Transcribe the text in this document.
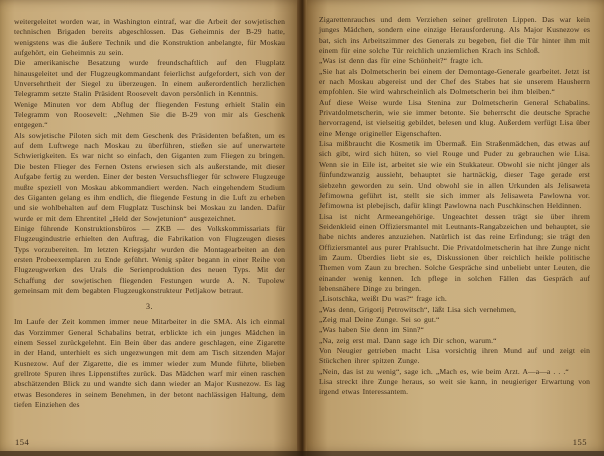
weitergeleitet worden war, in Washington eintraf, war die Arbeit der sowjetischen technischen Brigaden bereits abgeschlossen. Das Geheimnis der B-29 hatte, wenigstens was die äußere Technik und die Konstruktion anbelangte, für Moskau aufgehört, ein Geheimnis zu sein.

Die amerikanische Besatzung wurde freundschaftlich auf den Flugplatz hinausgeleitet und der Flugzeugkommandant feierlichst aufgefordert, sich von der Unversehrtheit der Siegel zu überzeugen. In einem außerordentlich herzlichen Telegramm setzte Stalin Präsident Roosevelt davon persönlich in Kenntnis.

Wenige Minuten vor dem Abflug der fliegenden Festung erhielt Stalin ein Telegramm von Roosevelt: „Nehmen Sie die B-29 von mir als Geschenk entgegen.“

Als sowjetische Piloten sich mit dem Geschenk des Präsidenten befaßten, um es auf dem Luftwege nach Moskau zu überführen, stießen sie auf unerwartete Schwierigkeiten. Es war nicht so einfach, den Giganten zum Fliegen zu bringen. Die besten Flieger des Fernen Ostens erwiesen sich als außerstande, mit dieser Aufgabe fertig zu werden. Einer der besten Versuchsflieger für schwere Flugzeuge mußte speziell von Moskau abkommandiert werden. Nach eingehendem Studium des Giganten gelang es ihm endlich, die fliegende Festung in die Luft zu erheben und sie wohlbehalten auf dem Flugplatz Tuschinsk bei Moskau zu landen. Dafür wurde er mit dem Ehrentitel „Held der Sowjetunion“ ausgezeichnet.

Einige führende Konstruktionsbüros — ZKB — des Volkskommissariats für Flugzeugindustrie erhielten den Auftrag, die Fabrikation von Flugzeugen dieses Typs vorzubereiten. Im letzten Kriegsjahr wurden die Montagearbeiten an den ersten Probeexemplaren zu Ende geführt. Wenig später begann in einer Reihe von Flugzeugwerken des Urals die Serienproduktion des neuen Typs. Mit der Schaffung der sowjetischen fliegenden Festungen wurde A. N. Tupolew gemeinsam mit dem begabten Flugzeugkonstrukteur Petljakow betraut.

3.

Im Laufe der Zeit kommen immer neue Mitarbeiter in die SMA. Als ich einmal das Vorzimmer General Schabalins betrat, erblickte ich ein junges Mädchen in einem Sessel zurückgelehnt. Ein Bein über das andere geschlagen, eine Zigarette in der Hand, unterhielt es sich ungezwungen mit dem am Tisch sitzenden Major Kusnezow. Auf der Zigarette, die es immer wieder zum Munde führte, blieben grellrote Spuren ihres Lippenstiftes zurück. Das Mädchen warf mir einen raschen abschätzenden Blick zu und wandte sich dann wieder an Major Kusnezow. Es lag etwas Besonderes in seinem Benehmen, in der betont nachlässigen Haltung, dem tiefen Einziehen des

154

Zigarettenrauches und dem Verziehen seiner grellroten Lippen. Das war kein junges Mädchen, sondern eine einzige Herausforderung. Als Major Kusnezow es bat, sich ins Arbeitszimmer des Generals zu begeben, fiel die Tür hinter ihm mit einem für eine solche Tür reichlich unziemlichen Krach ins Schloß.

„Was ist denn das für eine Schönheit?“ fragte ich.

„Sie hat als Dolmetscherin bei einem der Demontage-Generale gearbeitet. Jetzt ist er nach Moskau abgereist und der Chef des Stabes hat sie unserem Hausherrn empfohlen. Sie wird wahrscheinlich als Dolmetscherin bei ihm bleiben.“

Auf diese Weise wurde Lisa Stenina zur Dolmetscherin General Schabalins. Privatdolmetscherin, wie sie immer betonte. Sie beherrscht die deutsche Sprache hervorragend, ist vielseitig gebildet, belesen und klug. Außerdem verfügt Lisa über eine Menge origineller Eigenschaften.

Lisa mißbraucht die Kosmetik im Übermaß. Ein Straßenmädchen, das etwas auf sich gibt, wird sich hüten, so viel Rouge und Puder zu gebrauchen wie Lisa. Wenn sie in Eile ist, arbeitet sie wie ein Stukkateur. Obwohl sie nicht jünger als fünfundzwanzig aussieht, behauptet sie hartnäckig, dieser Tage gerade erst siebzehn geworden zu sein. Und obwohl sie in allen Urkunden als Jelisaweta Jefimowna geführt ist, stellt sie sich immer als Jelisaweta Pawlowna vor. Jefimowna ist plebejisch, dafür klingt Pawlowna nach Puschkinschen Heldinnen.

Lisa ist nicht Armeeangehörige. Ungeachtet dessen trägt sie über ihrem Seidenkleid einen Offiziersmantel mit Leutnants-Rangabzeichen und behauptet, sie habe nichts anderes anzuziehen. Natürlich ist das reine Erfindung; sie trägt den Offiziersmantel aus purer Prahlsucht. Die Privatdolmetscherin hat ihre Zunge nicht im Zaum. Überdies liebt sie es, Diskussionen über reichlich heikle politische Themen vom Zaun zu brechen. Solche Gespräche sind unbeliebt unter Leuten, die einander wenig kennen. Ich pflege in solchen Fällen das Gespräch auf lebensnähere Dinge zu bringen.

„Lisotschka, weißt Du was?“ frage ich.

„Was denn, Grigorij Petrowitsch“, läßt Lisa sich vernehmen,

„Zeig mal Deine Zunge. Sei so gut.“

„Was haben Sie denn im Sinn?“

„Na, zeig erst mal. Dann sage ich Dir schon, warum.“

Von Neugier getrieben macht Lisa vorsichtig ihren Mund auf und zeigt ein Stückchen ihrer spitzen Zunge.

„Nein, das ist zu wenig“, sage ich. „Mach es, wie beim Arzt. A—a—a . . .“

Lisa streckt ihre Zunge heraus, so weit sie kann, in neugieriger Erwartung von irgend etwas Interessantem.

155
